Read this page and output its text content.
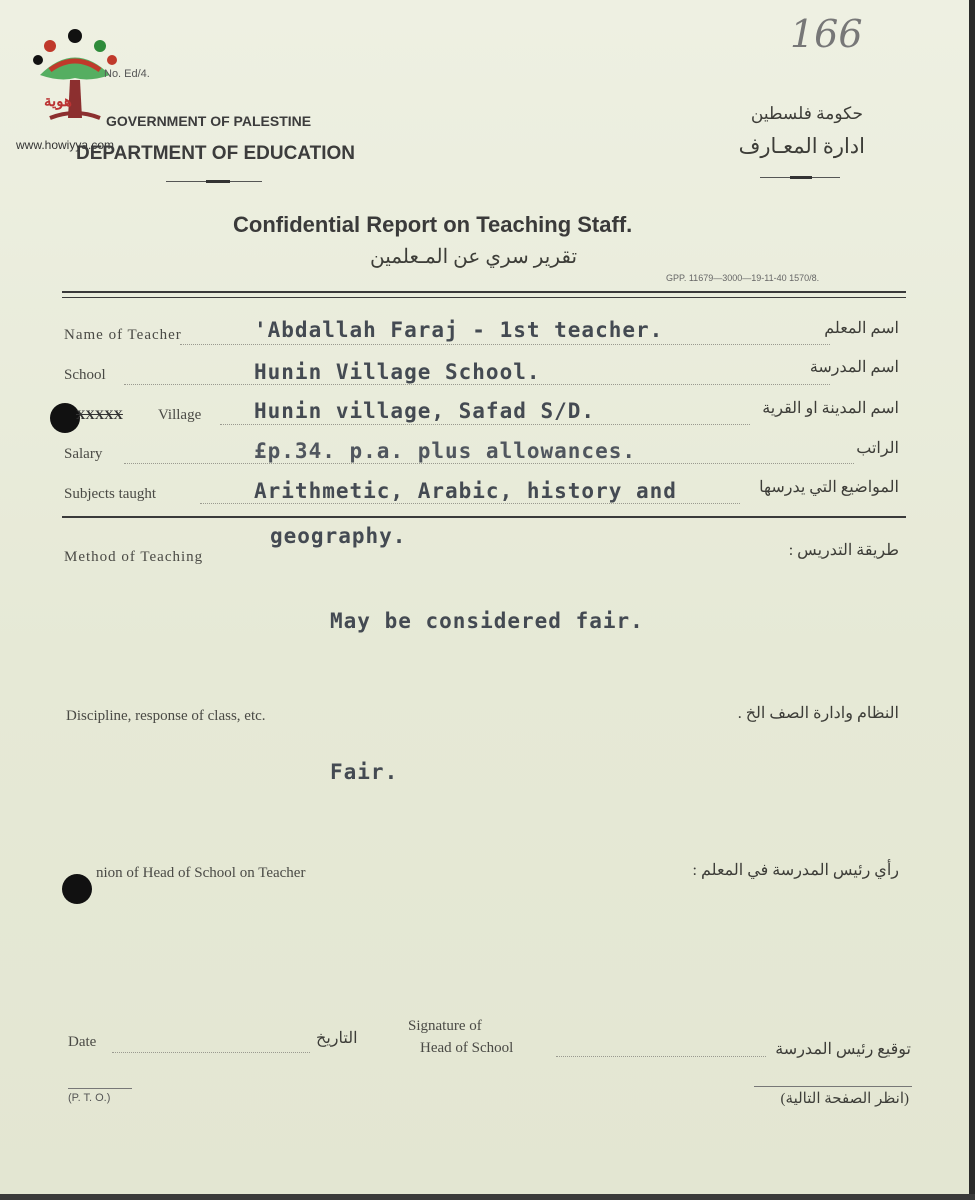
هوية
www.howiyya.com
No. Ed/4.
166
GOVERNMENT OF PALESTINE
DEPARTMENT OF EDUCATION
حكومة فلسطين
ادارة المعـارف
Confidential Report on Teaching Staff.
تقرير سري عن المـعلمين
GPP. 11679—3000—19-11-40 1570/8.
Name of Teacher	'Abdallah Faraj - 1st teacher.	اسم المعلم
School	Hunin Village School.	اسم المدرسة
XXXXX Village	Hunin village, Safad S/D.	اسم المدينة او القرية
Salary	£p.34. p.a. plus allowances.	الراتب
Subjects taught	Arithmetic, Arabic, history and	المواضيع التي يدرسها
geography.
Method of Teaching	طريقة التدريس :
May be considered fair.
Discipline, response of class, etc.	النظام وادارة الصف الخ .
Fair.
nion of Head of School on Teacher	رأي رئيس المدرسة في المعلم :
Date	التاريخ
Signature of
Head of School	توقيع رئيس المدرسة
(P. T. O.)	(انظر الصفحة التالية)
